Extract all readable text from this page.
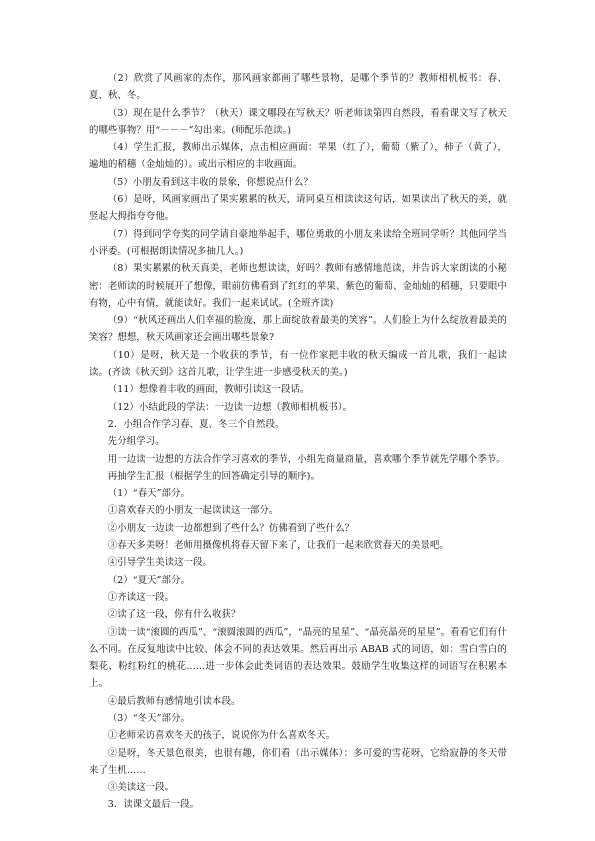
（2）欣赏了风画家的杰作，那风画家都画了哪些景物，是哪个季节的？教师相机板书：春、夏、秋、冬。

（3）现在是什么季节？（秋天）课文哪段在写秋天？听老师读第四自然段，看看课文写了秋天的哪些事物？用“－－－”勾出来。(师配乐范读。)

（4）学生汇报，教师出示媒体，点击相应画面：苹果（红了），葡萄（紫了），柿子（黄了），遍地的稻穗（金灿灿的）。或出示相应的丰收画面。

（5）小朋友看到这丰收的景象，你想说点什么？

（6）是呀，风画家画出了果实累累的秋天，请同桌互相读读这句话，如果读出了秋天的美，就竖起大拇指夸夸他。

（7）得到同学夸奖的同学请自豪地举起手，哪位勇敢的小朋友来读给全班同学听？其他同学当小评委。(可根据朗读情况多抽几人。)

（8）果实累累的秋天真美，老师也想读读，好吗？教师有感情地范读，并告诉大家朗读的小秘密：老师读的时候展开了想像，眼前仿佛看到了红红的苹果、紫色的葡萄、金灿灿的稻穗，只要眼中有物，心中有情，就能读好。我们一起来试试。(全班齐读)

（9）“秋风还画出人们幸福的脸庞，那上面绽放着最美的笑容”。人们脸上为什么绽放着最美的笑容？想想，秋天风画家还会画出哪些景象?

（10）是呀，秋天是一个收获的季节，有一位作家把丰收的秋天编成一首儿歌，我们一起读读。(齐读《秋天到》这首儿歌，让学生进一步感受秋天的美。)

（11）想像着丰收的画面，教师引读这一段话。

（12）小结此段的学法：一边读一边想（教师相机板书）。

2．小组合作学习春、夏、冬三个自然段。

先分组学习。

用一边读一边想的方法合作学习喜欢的季节，小组先商量商量，喜欢哪个季节就先学哪个季节。

再抽学生汇报（根据学生的回答确定引导的顺序)。

（1）“春天”部分。

①喜欢春天的小朋友一起读读这一部分。

②小朋友一边读一边都想到了些什么？仿佛看到了些什么？

③春天多美呀！老师用摄像机将春天留下来了，让我们一起来欣赏春天的美景吧。

④引导学生美读这一段。

（2）“夏天”部分。

①齐读这一段。

②读了这一段，你有什么收获？

③读一读“滚圆的西瓜”、“滚圆滚圆的西瓜”，“晶亮的星星”、“晶亮晶亮的星星”。看看它们有什么不同。在反复地读中比较、体会不同的表达效果。然后再出示 ABAB 式的词语，如：雪白雪白的梨花、粉红粉红的桃花……进一步体会此类词语的表达效果。鼓励学生收集这样的词语写在积累本上。

④最后教师有感情地引读本段。

（3）“冬天”部分。

①老师采访喜欢冬天的孩子，说说你为什么喜欢冬天。

②是呀，冬天景色很美，也很有趣，你们看（出示媒体）：多可爱的雪花呀，它给寂静的冬天带来了生机……

③美读这一段。

3．读课文最后一段。
